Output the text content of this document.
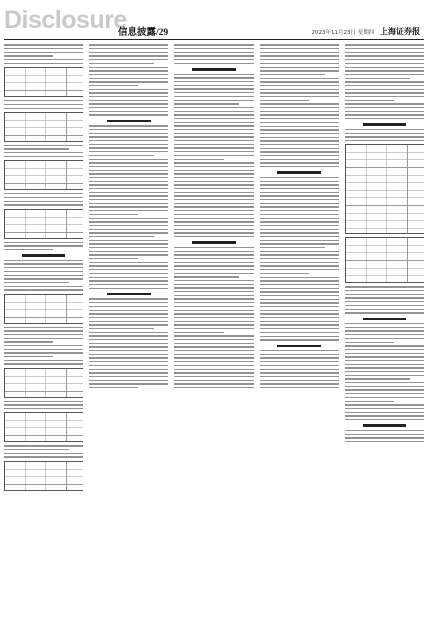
Disclosure
信息披露/29	2023年11月23日 星期四 上海证券报
